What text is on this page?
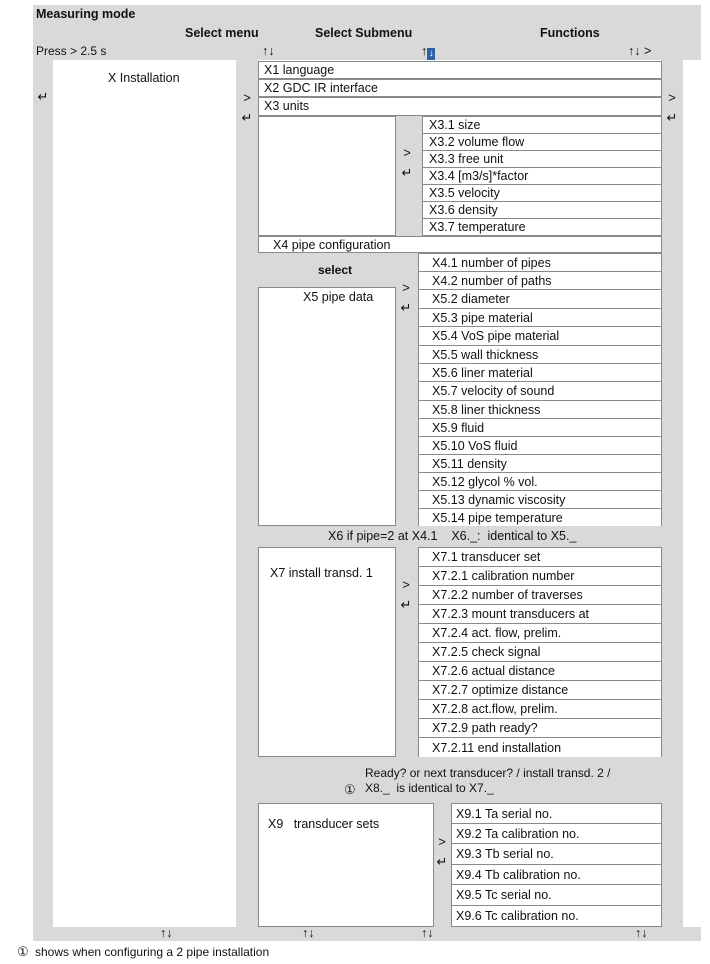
Measuring mode
Select menu	Select Submenu	Functions
Press > 2.5 s	↑↓	↑ ↓	↑↓ >
X Installation
↵	>
↵
>
↵
X1 language
X2 GDC IR interface
X3 units
>
↵
X3.1 size
X3.2 volume flow
X3.3 free unit
X3.4 [m3/s]*factor
X3.5 velocity
X3.6 density
X3.7 temperature
X4 pipe configuration
select
X5 pipe data
>
↵
X4.1 number of pipes
X4.2 number of paths
X5.2 diameter
X5.3 pipe material
X5.4 VoS pipe material
X5.5 wall thickness
X5.6 liner material
X5.7 velocity of sound
X5.8 liner thickness
X5.9 fluid
X5.10 VoS fluid
X5.11 density
X5.12 glycol % vol.
X5.13 dynamic viscosity
X5.14 pipe temperature
X6 if pipe=2 at X4.1    X6._:  identical to X5._
X7 install transd. 1
>
↵
X7.1 transducer set
X7.2.1 calibration number
X7.2.2 number of traverses
X7.2.3 mount transducers at
X7.2.4 act. flow, prelim.
X7.2.5 check signal
X7.2.6 actual distance
X7.2.7 optimize distance
X7.2.8 act.flow, prelim.
X7.2.9 path ready?
X7.2.11 end installation
Ready? or next transducer? / install transd. 2 /
① X8._  is identical to X7._
X9   transducer sets
>
↵
X9.1 Ta serial no.
X9.2 Ta calibration no.
X9.3 Tb serial no.
X9.4 Tb calibration no.
X9.5 Tc serial no.
X9.6 Tc calibration no.
↑↓	↑↓	↑↓	↑↓
① shows when configuring a 2 pipe installation
